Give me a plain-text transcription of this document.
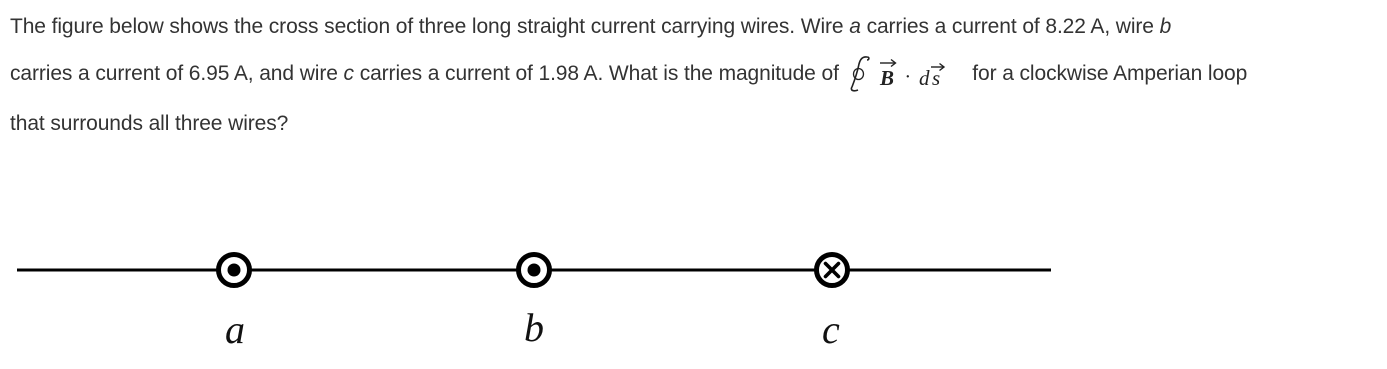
The figure below shows the cross section of three long straight current carrying wires. Wire a carries a current of 8.22 A, wire b
carries a current of 6.95 A, and wire c carries a current of 1.98 A. What is the magnitude of B · d s for a clockwise Amperian loop
that surrounds all three wires?
a	b	c
